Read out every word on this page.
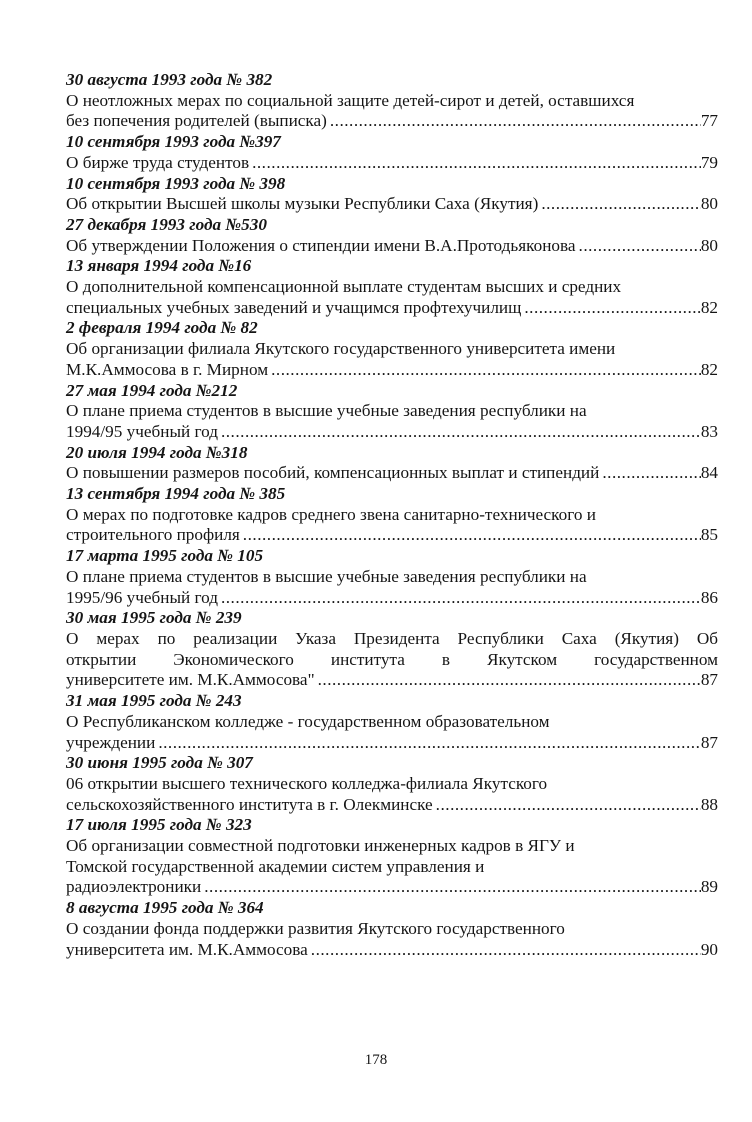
30 августа 1993 года № 382
О неотложных мерах по социальной защите детей-сирот и детей, оставшихся
без попечения родителей (выписка) .....	77
10 сентября 1993 года №397
О бирже труда студентов .....	79
10 сентября 1993 года № 398
Об открытии Высшей школы музыки Республики Саха (Якутия) .....	80
27 декабря 1993 года №530
Об утверждении Положения о стипендии имени В.А.Протодьяконова .....	80
13 января 1994 года №16
О дополнительной компенсационной выплате студентам высших и средних
специальных учебных заведений и учащимся профтехучилищ .....	82
2 февраля 1994 года № 82
Об организации филиала Якутского государственного университета имени
М.К.Аммосова в г. Мирном .....	82
27 мая 1994 года №212
О плане приема студентов в высшие учебные заведения республики на
1994/95 учебный год .....	83
20 июля 1994 года №318
О повышении размеров пособий, компенсационных выплат и стипендий .....	84
13 сентября 1994 года № 385
О мерах по подготовке кадров среднего звена санитарно-технического и
строительного профиля .....	85
17 марта 1995 года № 105
О плане приема студентов в высшие учебные заведения республики на
1995/96 учебный год .....	86
30 мая 1995 года № 239
О мерах по реализации Указа Президента Республики Саха (Якутия) Об
открытии Экономического института в Якутском государственном
университете им. М.К.Аммосова" .....	87
31 мая 1995 года № 243
О Республиканском колледже - государственном образовательном
учреждении .....	87
30 июня 1995 года № 307
06 открытии высшего технического колледжа-филиала Якутского
сельскохозяйственного института в г. Олекминске .....	88
17 июля 1995 года № 323
Об организации совместной подготовки инженерных кадров в ЯГУ и
Томской государственной академии систем управления и
радиоэлектроники .....	89
8 августа 1995 года № 364
О создании фонда поддержки развития Якутского государственного
университета им. М.К.Аммосова .....	90
178
